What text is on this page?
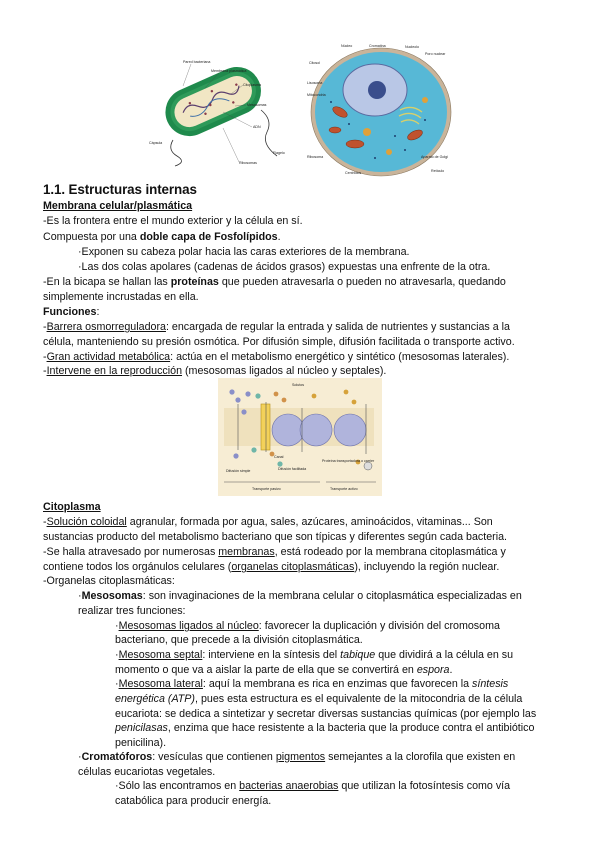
Pared bacteriana
Membrana plasmática
Citoplasma
Mesosomas
ADN
Cápsula
Flagelo
Ribosomas
Núcleo	Cromatina	Nucleolo
Poro nuclear
Citosol
Lisosoma
Mitocondria
Ribosoma
Centriolos
Aparato de Golgi
Retículo
Solutos
Canal
Difusión simple	Difusión facilitada
Proteína transportadora o carrier
Transporte pasivo	Transporte activo
1.1. Estructuras internas
Membrana celular/plasmática
-Es la frontera entre el mundo exterior y la célula en sí.
Compuesta por una doble capa de Fosfolípidos.
·Exponen su cabeza polar hacia las caras exteriores de la membrana.
·Las dos colas apolares (cadenas de ácidos grasos) expuestas una enfrente de la otra.
-En la bicapa se hallan las proteínas que pueden atravesarla o pueden no atravesarla, quedando
simplemente incrustadas en ella.
Funciones:
-Barrera osmorreguladora: encargada de regular la entrada y salida de nutrientes y sustancias a la
célula, manteniendo su presión osmótica. Por difusión simple, difusión facilitada o transporte activo.
-Gran actividad metabólica: actúa en el metabolismo energético y sintético (mesosomas laterales).
-Intervene en la reproducción (mesosomas ligados al núcleo y septales).
Citoplasma
-Solución coloidal agranular, formada por agua, sales, azúcares, aminoácidos, vitaminas... Son
sustancias producto del metabolismo bacteriano que son típicas y diferentes según cada bacteria.
-Se halla atravesado por numerosas membranas, está rodeado por la membrana citoplasmática y
contiene todos los orgánulos celulares (organelas citoplasmáticas), incluyendo la región nuclear.
-Organelas citoplasmáticas:
·Mesosomas: son invaginaciones de la membrana celular o citoplasmática especializadas en
realizar tres funciones:
·Mesosomas ligados al núcleo: favorecer la duplicación y división del cromosoma
bacteriano, que precede a la división citoplasmática.
·Mesosoma septal: interviene en la síntesis del tabique que dividirá a la célula en su
momento o que va a aislar la parte de ella que se convertirá en espora.
·Mesosoma lateral: aquí la membrana es rica en enzimas que favorecen la síntesis
energética (ATP), pues esta estructura es el equivalente de la mitocondria de la célula
eucariota: se dedica a sintetizar y secretar diversas sustancias químicas (por ejemplo las
penicilasas, enzima que hace resistente a la bacteria que la produce contra el antibiótico
penicilina).
·Cromatóforos: vesículas que contienen pigmentos semejantes a la clorofila que existen en
células eucariotas vegetales.
·Sólo las encontramos en bacterias anaerobias que utilizan la fotosíntesis como vía
catabólica para producir energía.
